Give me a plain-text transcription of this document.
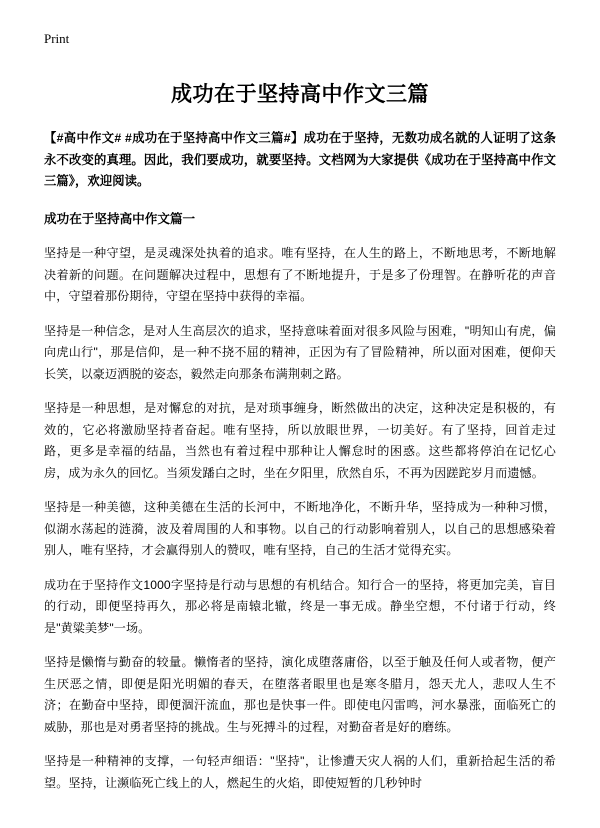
Print
成功在于坚持高中作文三篇

【#高中作文# #成功在于坚持高中作文三篇#】成功在于坚持，无数功成名就的人证明了这条永不改变的真理。因此，我们要成功，就要坚持。文档网为大家提供《成功在于坚持高中作文三篇》，欢迎阅读。

成功在于坚持高中作文篇一

坚持是一种守望，是灵魂深处执着的追求。唯有坚持，在人生的路上，不断地思考，不断地解决着新的问题。在问题解决过程中，思想有了不断地提升，于是多了份理智。在静听花的声音中，守望着那份期待，守望在坚持中获得的幸福。

坚持是一种信念，是对人生高层次的追求，坚持意味着面对很多风险与困难，"明知山有虎，偏向虎山行"，那是信仰，是一种不挠不屈的精神，正因为有了冒险精神，所以面对困难，便仰天长笑，以豪迈洒脱的姿态，毅然走向那条布满荆刺之路。

坚持是一种思想，是对懈怠的对抗，是对琐事缠身，断然做出的决定，这种决定是积极的，有效的，它必将激励坚持者奋起。唯有坚持，所以放眼世界，一切美好。有了坚持，回首走过路，更多是幸福的结晶，当然也有着过程中那种让人懈怠时的困惑。这些都将停泊在记忆心房，成为永久的回忆。当须发蹯白之时，坐在夕阳里，欣然自乐，不再为因蹉跎岁月而遗憾。

坚持是一种美德，这种美德在生活的长河中，不断地净化，不断升华，坚持成为一种种习惯，似湖水荡起的涟漪，波及着周围的人和事物。以自己的行动影响着别人，以自己的思想感染着别人，唯有坚持，才会赢得别人的赞叹，唯有坚持，自己的生活才觉得充实。

成功在于坚持作文1000字坚持是行动与思想的有机结合。知行合一的坚持，将更加完美，盲目的行动，即便坚持再久，那必将是南辕北辙，终是一事无成。静坐空想，不付诸于行动，终是"黄粱美梦"一场。

坚持是懒惰与勤奋的较量。懒惰者的坚持，演化成堕落庸俗，以至于触及任何人或者物，便产生厌恶之情，即便是阳光明媚的春天，在堕落者眼里也是寒冬腊月，怨天尤人，悲叹人生不济；在勤奋中坚持，即便涸汗流血，那也是快事一件。即使电闪雷鸣，河水暴涨，面临死亡的威胁，那也是对勇者坚持的挑战。生与死搏斗的过程，对勤奋者是好的磨练。

坚持是一种精神的支撑，一句轻声细语："坚持"，让惨遭天灾人祸的人们，重新拾起生活的希望。坚持，让濒临死亡线上的人，燃起生的火焰，即使短暂的几秒钟时
